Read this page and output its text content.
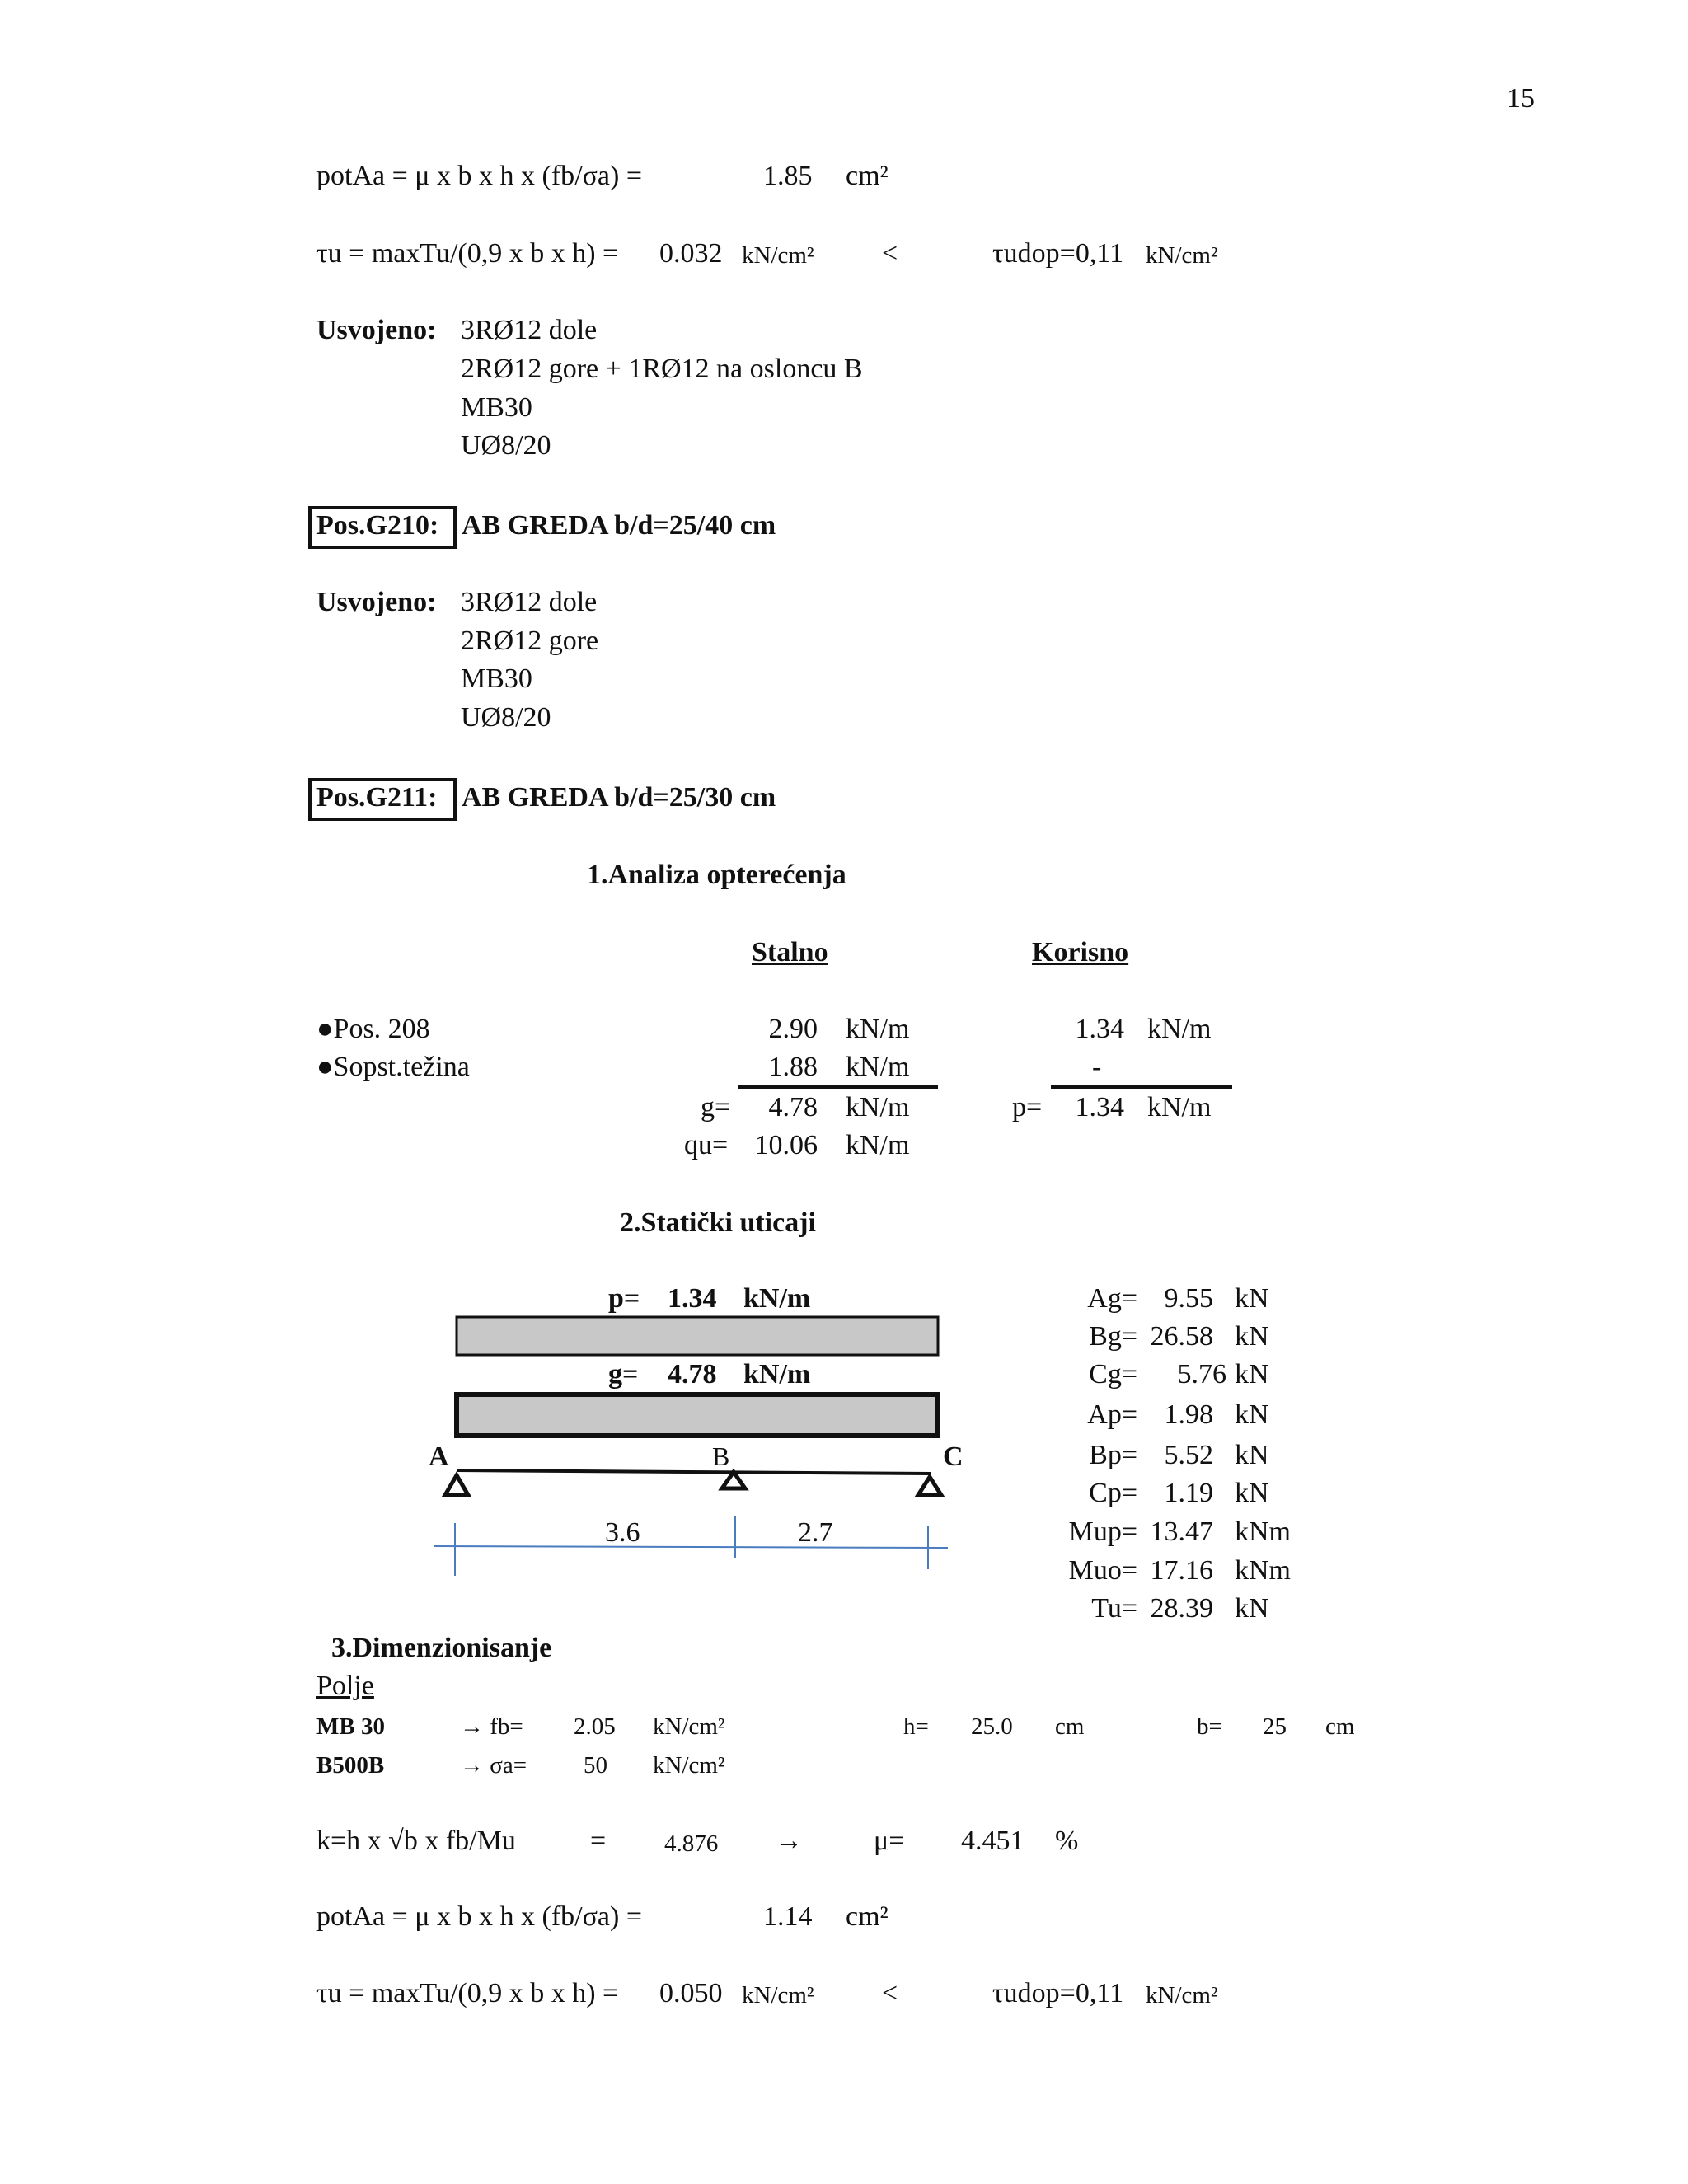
15
potAa = μ x b x h x (fb/σa) =	1.85 cm²
τu = maxTu/(0,9 x b x h) = 0.032 kN/cm² <	τudop=0,11 kN/cm²
Usvojeno: 3RØ12 dole
2RØ12 gore + 1RØ12 na osloncu B
MB30
UØ8/20
Pos.G210: AB GREDA b/d=25/40 cm
Usvojeno: 3RØ12 dole
2RØ12 gore
MB30
UØ8/20
Pos.G211: AB GREDA b/d=25/30 cm
1.Analiza opterećenja
Stalno	Korisno
●Pos. 208	2.90 kN/m	1.34 kN/m
●Sopst.težina	1.88 kN/m	-
g=	4.78 kN/m	p=	1.34 kN/m
qu= 10.06 kN/m
2.Statički uticaji
p= 1.34 kN/m
g= 4.78 kN/m
A	B	C
3.6	2.7
Ag= 9.55 kN
Bg= 26.58 kN
Cg=	5.76 kN
Ap= 1.98 kN
Bp= 5.52 kN
Cp= 1.19 kN
Mup= 13.47 kNm
Muo= 17.16 kNm
Tu= 28.39 kN
3.Dimenzionisanje
Polje
MB 30	→ fb= 2.05 kN/cm²	h= 25.0 cm	b= 25 cm
B500B	→ σa= 50 kN/cm²
k=h x √b x fb/Mu	= 4.876 →	μ= 4.451 %
potAa = μ x b x h x (fb/σa) =	1.14 cm²
τu = maxTu/(0,9 x b x h) = 0.050 kN/cm² <	τudop=0,11 kN/cm²
